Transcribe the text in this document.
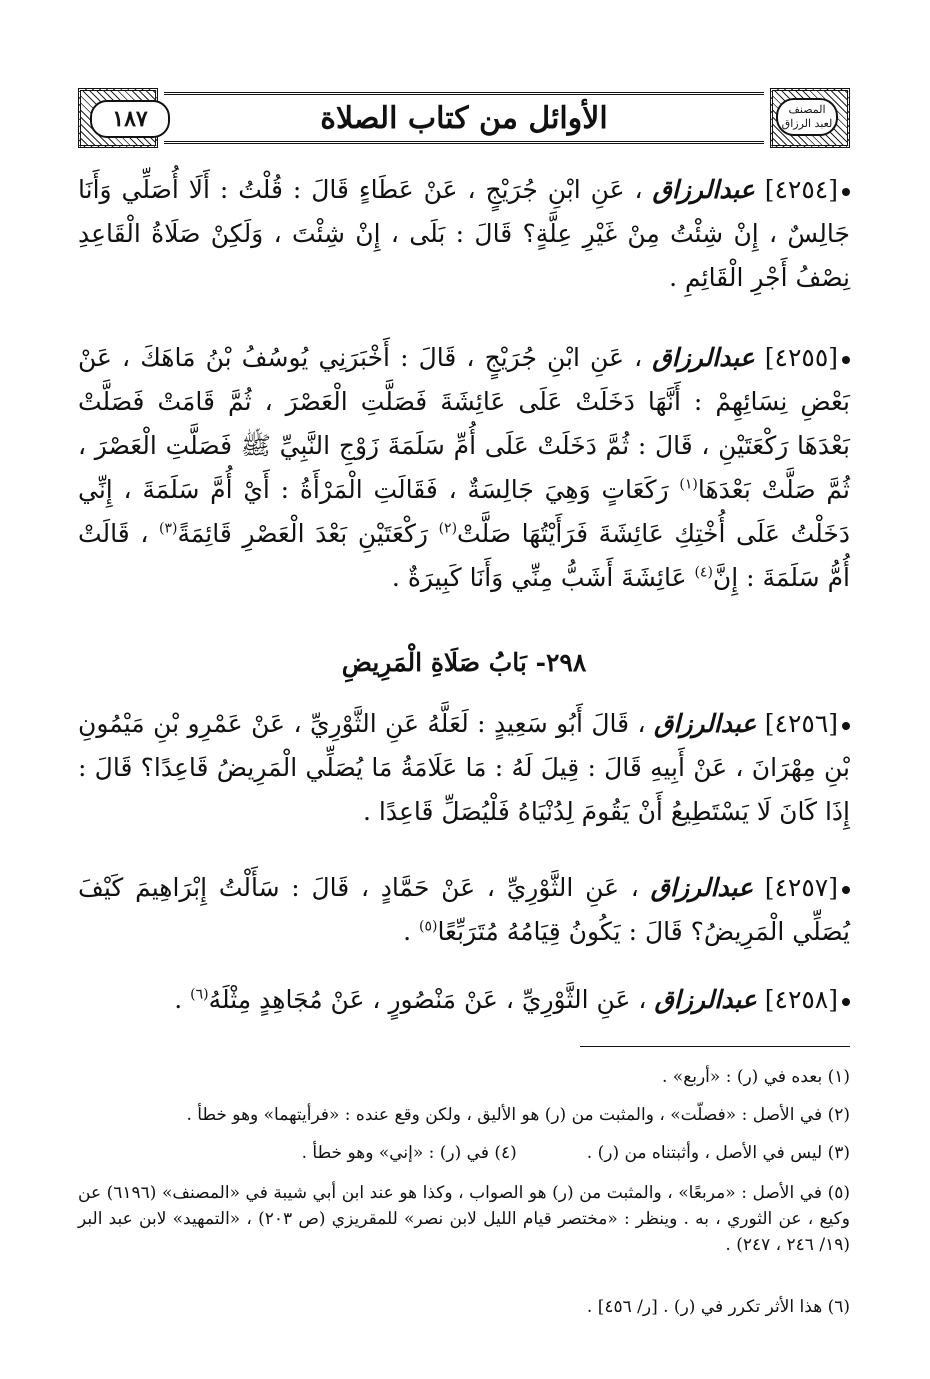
الأوائل من كتاب الصلاة
١٨٧	المصنف
لعبد الرزاق
[٤٢٥٤] عبدالرزاق ، عَنِ ابْنِ جُرَيْجٍ ، عَنْ عَطَاءٍ قَالَ : قُلْتُ : أَلَا أُصَلِّي وَأَنَا جَالِسٌ ، إِنْ شِئْتُ مِنْ غَيْرِ عِلَّةٍ؟ قَالَ : بَلَى ، إِنْ شِئْتَ ، وَلَكِنْ صَلَاةُ الْقَاعِدِ نِصْفُ أَجْرِ الْقَائِمِ .
[٤٢٥٥] عبدالرزاق ، عَنِ ابْنِ جُرَيْجٍ ، قَالَ : أَخْبَرَنِي يُوسُفُ بْنُ مَاهَكَ ، عَنْ بَعْضِ نِسَائِهِمْ : أَنَّهَا دَخَلَتْ عَلَى عَائِشَةَ فَصَلَّتِ الْعَصْرَ ، ثُمَّ قَامَتْ فَصَلَّتْ بَعْدَهَا رَكْعَتَيْنِ ، قَالَ : ثُمَّ دَخَلَتْ عَلَى أُمِّ سَلَمَةَ زَوْجِ النَّبِيِّ ﷺ فَصَلَّتِ الْعَصْرَ ، ثُمَّ صَلَّتْ بَعْدَهَا$^{(١)}$ رَكَعَاتٍ وَهِيَ جَالِسَةٌ ، فَقَالَتِ الْمَرْأَةُ : أَيْ أُمَّ سَلَمَةَ ، إِنِّي دَخَلْتُ عَلَى أُخْتِكِ عَائِشَةَ فَرَأَيْتُهَا صَلَّتْ$^{(٢)}$ رَكْعَتَيْنِ بَعْدَ الْعَصْرِ قَائِمَةً$^{(٣)}$ ، قَالَتْ أُمُّ سَلَمَةَ : إِنَّ$^{(٤)}$ عَائِشَةَ أَشَبُّ مِنِّي وَأَنَا كَبِيرَةٌ .
٢٩٨- بَابُ صَلَاةِ الْمَرِيضِ
[٤٢٥٦] عبدالرزاق ، قَالَ أَبُو سَعِيدٍ : لَعَلَّهُ عَنِ الثَّوْرِيِّ ، عَنْ عَمْرِو بْنِ مَيْمُونِ بْنِ مِهْرَانَ ، عَنْ أَبِيهِ قَالَ : قِيلَ لَهُ : مَا عَلَامَةُ مَا يُصَلِّي الْمَرِيضُ قَاعِدًا؟ قَالَ : إِذَا كَانَ لَا يَسْتَطِيعُ أَنْ يَقُومَ لِدُنْيَاهُ فَلْيُصَلِّ قَاعِدًا .
[٤٢٥٧] عبدالرزاق ، عَنِ الثَّوْرِيِّ ، عَنْ حَمَّادٍ ، قَالَ : سَأَلْتُ إِبْرَاهِيمَ كَيْفَ يُصَلِّي الْمَرِيضُ؟ قَالَ : يَكُونُ قِيَامُهُ مُتَرَبِّعًا$^{(٥)}$ .
[٤٢٥٨] عبدالرزاق ، عَنِ الثَّوْرِيِّ ، عَنْ مَنْصُورٍ ، عَنْ مُجَاهِدٍ مِثْلَهُ$^{(٦)}$ .
(١) بعده في (ر) : «أربع» .
(٢) في الأصل : «فصلّت» ، والمثبت من (ر) هو الأليق ، ولكن وقع عنده : «فرأيتهما» وهو خطأ .
(٣) ليس في الأصل ، وأثبتناه من (ر) .
(٤) في (ر) : «إني» وهو خطأ .
(٥) في الأصل : «مربعًا» ، والمثبت من (ر) هو الصواب ، وكذا هو عند ابن أبي شيبة في «المصنف» (٦١٩٦) عن وكيع ، عن الثوري ، به . وينظر : «مختصر قيام الليل لابن نصر» للمقريزي (ص ٢٠٣) ، «التمهيد» لابن عبد البر (١٩/ ٢٤٦ ، ٢٤٧) .
(٦) هذا الأثر تكرر في (ر) . [ر/ ٤٥٦] .
